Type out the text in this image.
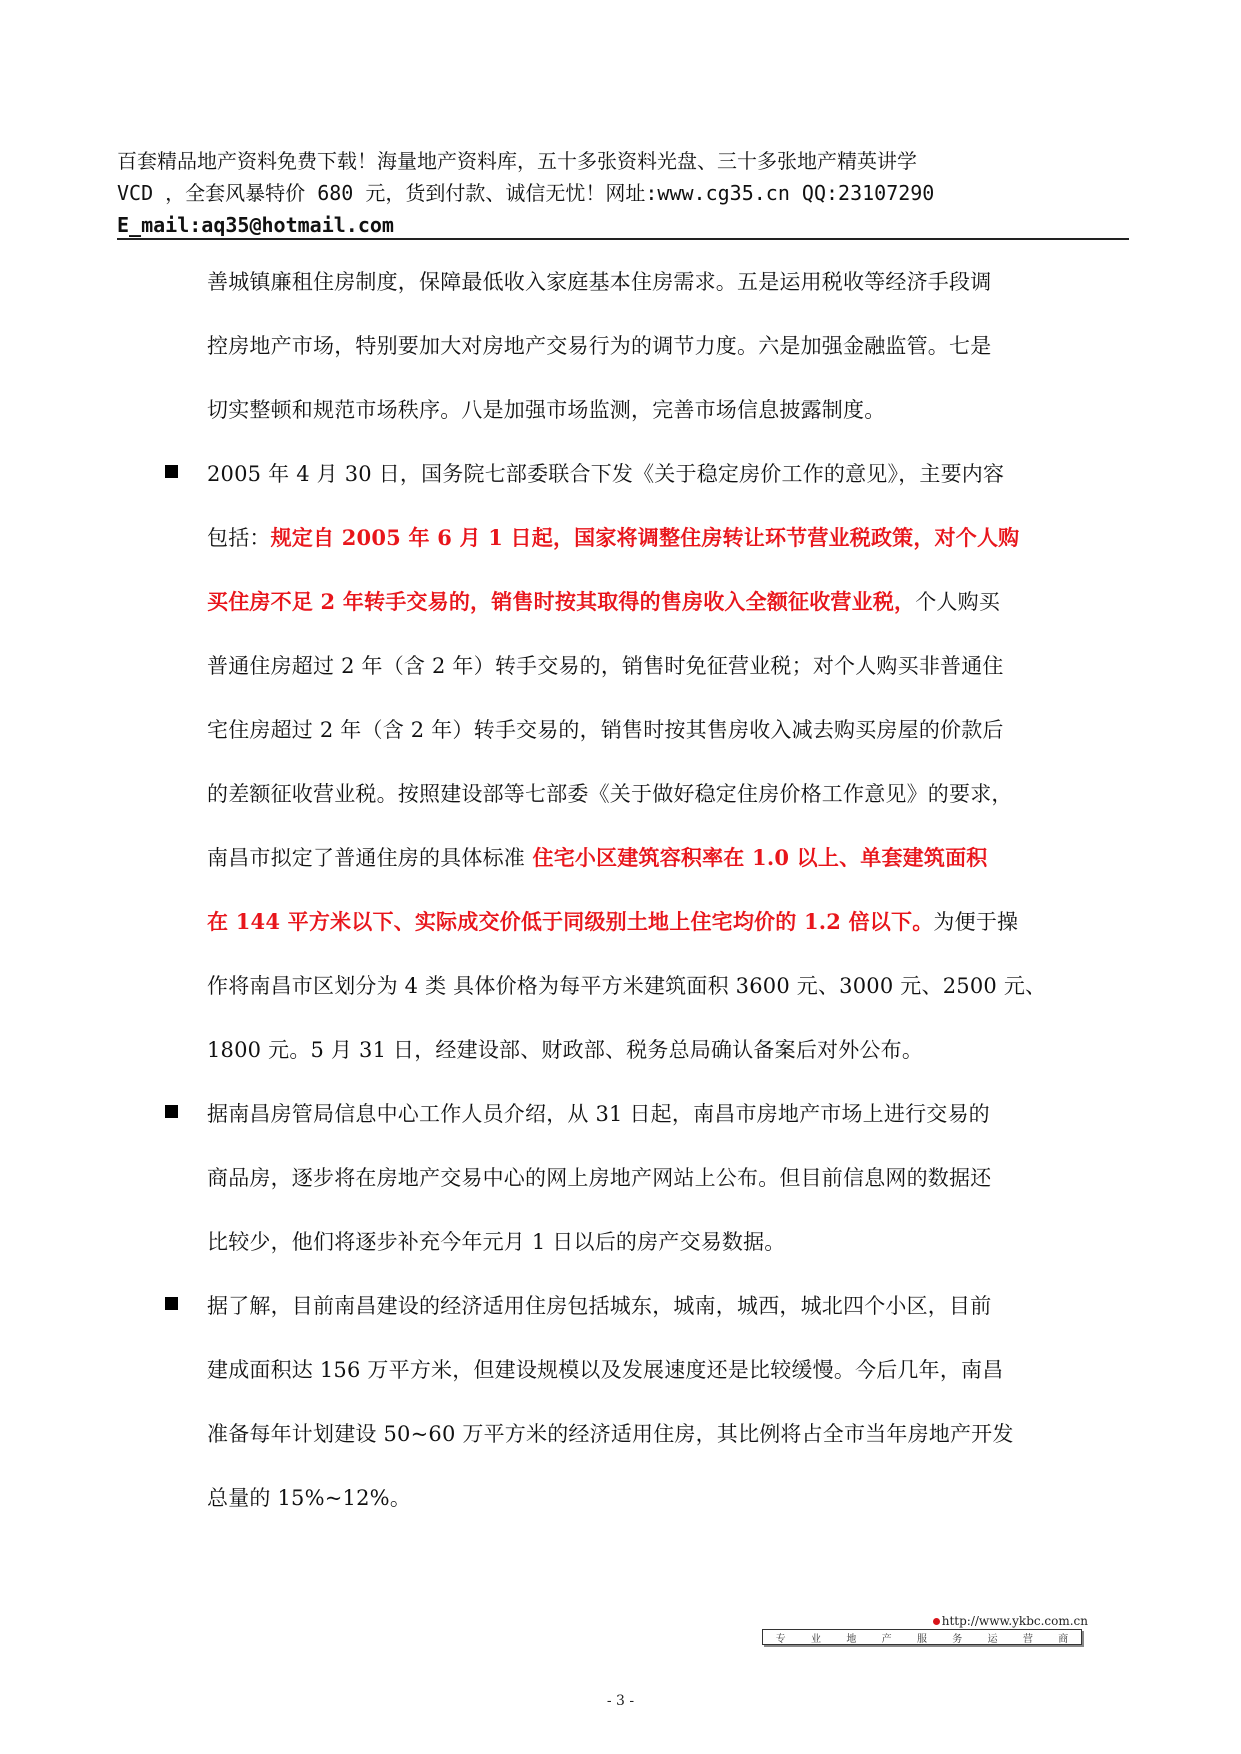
百套精品地产资料免费下载！海量地产资料库，五十多张资料光盘、三十多张地产精英讲学
VCD ，全套风暴特价 680 元，货到付款、诚信无忧！网址:www.cg35.cn QQ:23107290
E_mail:aq35@hotmail.com
善城镇廉租住房制度，保障最低收入家庭基本住房需求。五是运用税收等经济手段调
控房地产市场，特别要加大对房地产交易行为的调节力度。六是加强金融监管。七是
切实整顿和规范市场秩序。八是加强市场监测，完善市场信息披露制度。
2005 年 4 月 30 日，国务院七部委联合下发《关于稳定房价工作的意见》，主要内容
包括：规定自 2005 年 6 月 1 日起，国家将调整住房转让环节营业税政策，对个人购
买住房不足 2 年转手交易的，销售时按其取得的售房收入全额征收营业税，个人购买
普通住房超过 2 年（含 2 年）转手交易的，销售时免征营业税；对个人购买非普通住
宅住房超过 2 年（含 2 年）转手交易的，销售时按其售房收入减去购买房屋的价款后
的差额征收营业税。按照建设部等七部委《关于做好稳定住房价格工作意见》的要求，
南昌市拟定了普通住房的具体标准 住宅小区建筑容积率在 1.0 以上、单套建筑面积
在 144 平方米以下、实际成交价低于同级别土地上住宅均价的 1.2 倍以下。为便于操
作将南昌市区划分为 4 类 具体价格为每平方米建筑面积 3600 元、3000 元、2500 元、
1800 元。5 月 31 日，经建设部、财政部、税务总局确认备案后对外公布。
据南昌房管局信息中心工作人员介绍，从 31 日起，南昌市房地产市场上进行交易的
商品房，逐步将在房地产交易中心的网上房地产网站上公布。但目前信息网的数据还
比较少，他们将逐步补充今年元月 1 日以后的房产交易数据。
据了解，目前南昌建设的经济适用住房包括城东，城南，城西，城北四个小区，目前
建成面积达 156 万平方米，但建设规模以及发展速度还是比较缓慢。今后几年，南昌
准备每年计划建设 50~60 万平方米的经济适用住房，其比例将占全市当年房地产开发
总量的 15%~12%。
http://www.ykbc.com.cn
专	业	地	产	服	务	运	营	商
- 3 -
